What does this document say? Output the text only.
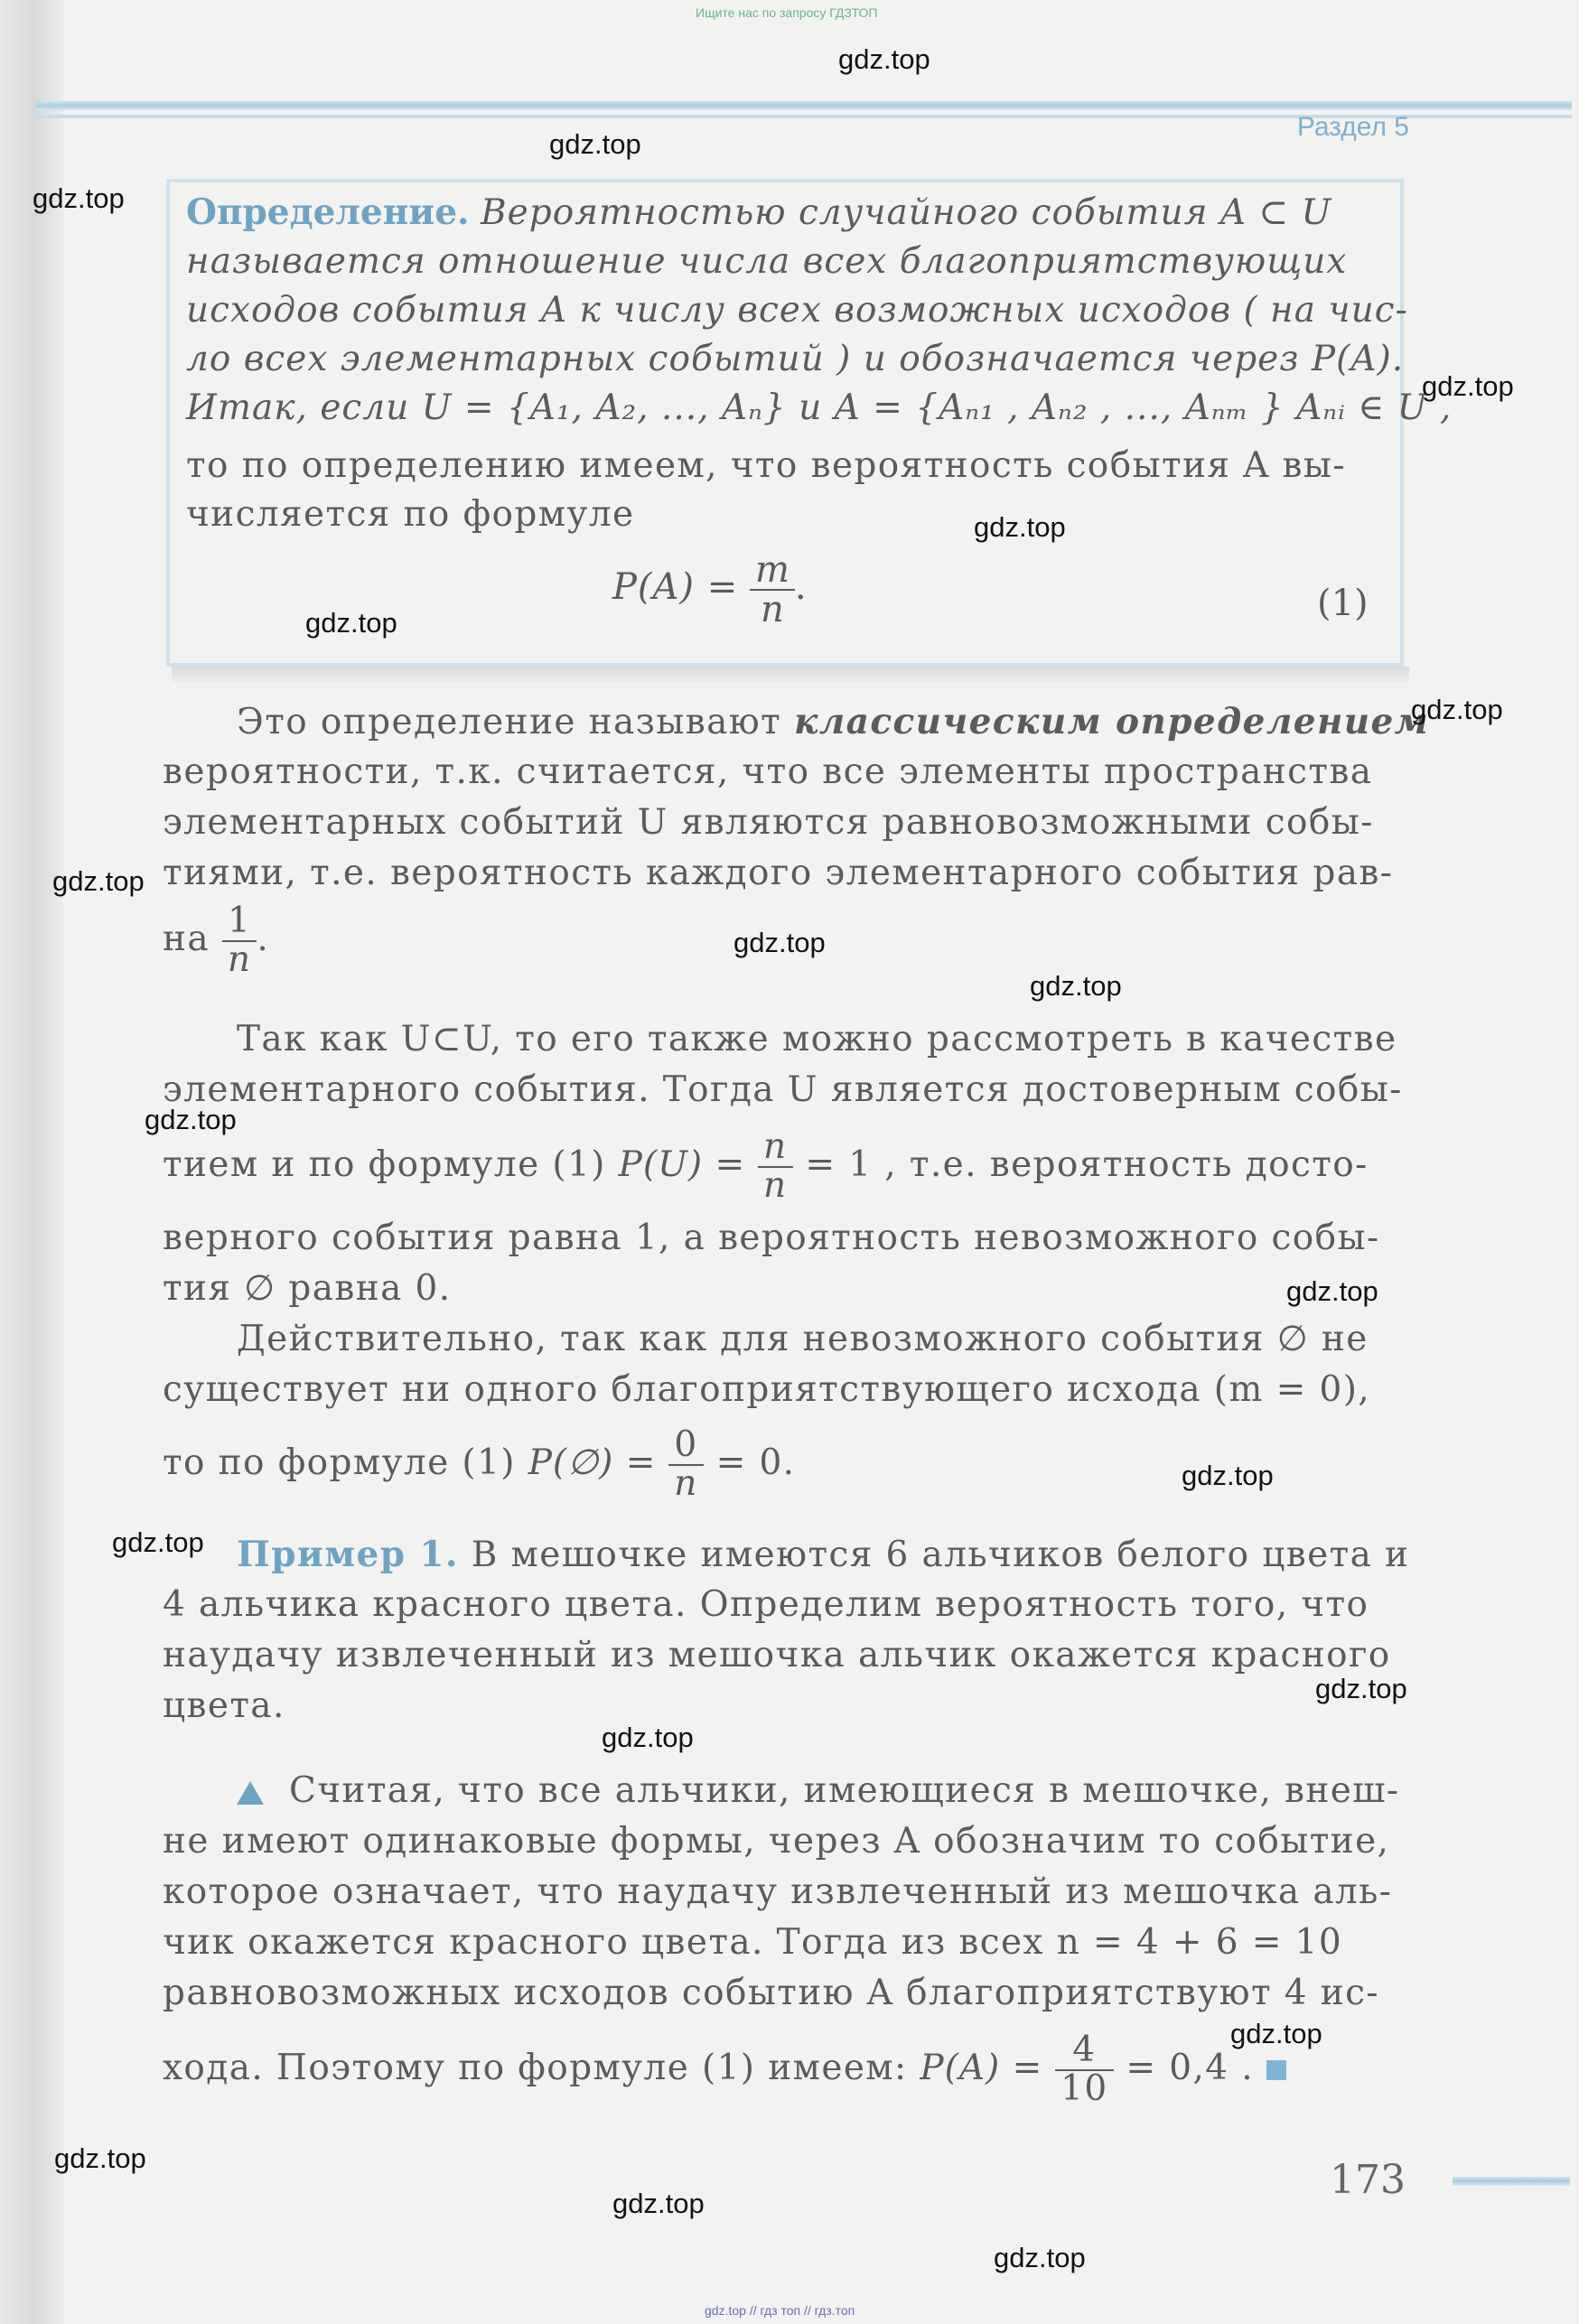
Ищите нас по запросу ГДЗТОП
Раздел 5
Определение. Вероятностью случайного события A ⊂ U
называется отношение числа всех благоприятствующих
исходов события A к числу всех возможных исходов ( на чис-
ло всех элементарных событий ) и обозначается через P(A).
Итак, если U = {A₁, A₂, ..., Aₙ} и A = {Aₙ₁ , Aₙ₂ , ..., Aₙₘ } Aₙᵢ ∈ U ,
то по определению имеем, что вероятность события A вы-
числяется по формуле
$P(A) = \frac{m}{n}$ .	(1)
Это определение называют классическим определением
вероятности, т.к. считается, что все элементы пространства
элементарных событий U являются равновозможными собы-
тиями, т.е. вероятность каждого элементарного события рав-
на $\frac{1}{n}$ .
Так как U⊂U, то его также можно рассмотреть в качестве
элементарного события. Тогда U является достоверным собы-
тием и по формуле (1) $P(U) = \frac{n}{n} = 1$ , т.е. вероятность досто-
верного события равна 1, а вероятность невозможного собы-
тия ∅ равна 0.
Действительно, так как для невозможного события ∅ не
существует ни одного благоприятствующего исхода (m = 0),
то по формуле (1) P(∅) = $\frac{0}{n} = 0$.
Пример 1. В мешочке имеются 6 альчиков белого цвета и
4 альчика красного цвета. Определим вероятность того, что
наудачу извлеченный из мешочка альчик окажется красного
цвета.
Считая, что все альчики, имеющиеся в мешочке, внеш-
не имеют одинаковые формы, через A обозначим то событие,
которое означает, что наудачу извлеченный из мешочка аль-
чик окажется красного цвета. Тогда из всех n = 4 + 6 = 10
равновозможных исходов событию A благоприятствуют 4 ис-
хода. Поэтому по формуле (1) имеем: $P(A) = \frac{4}{10} = 0,4$ .
173
gdz.top // гдз топ // гдз.топ
gdz.top
gdz.top
gdz.top
gdz.top
gdz.top
gdz.top
gdz.top
gdz.top
gdz.top
gdz.top
gdz.top
gdz.top
gdz.top
gdz.top
gdz.top
gdz.top
gdz.top
gdz.top
gdz.top
gdz.top
